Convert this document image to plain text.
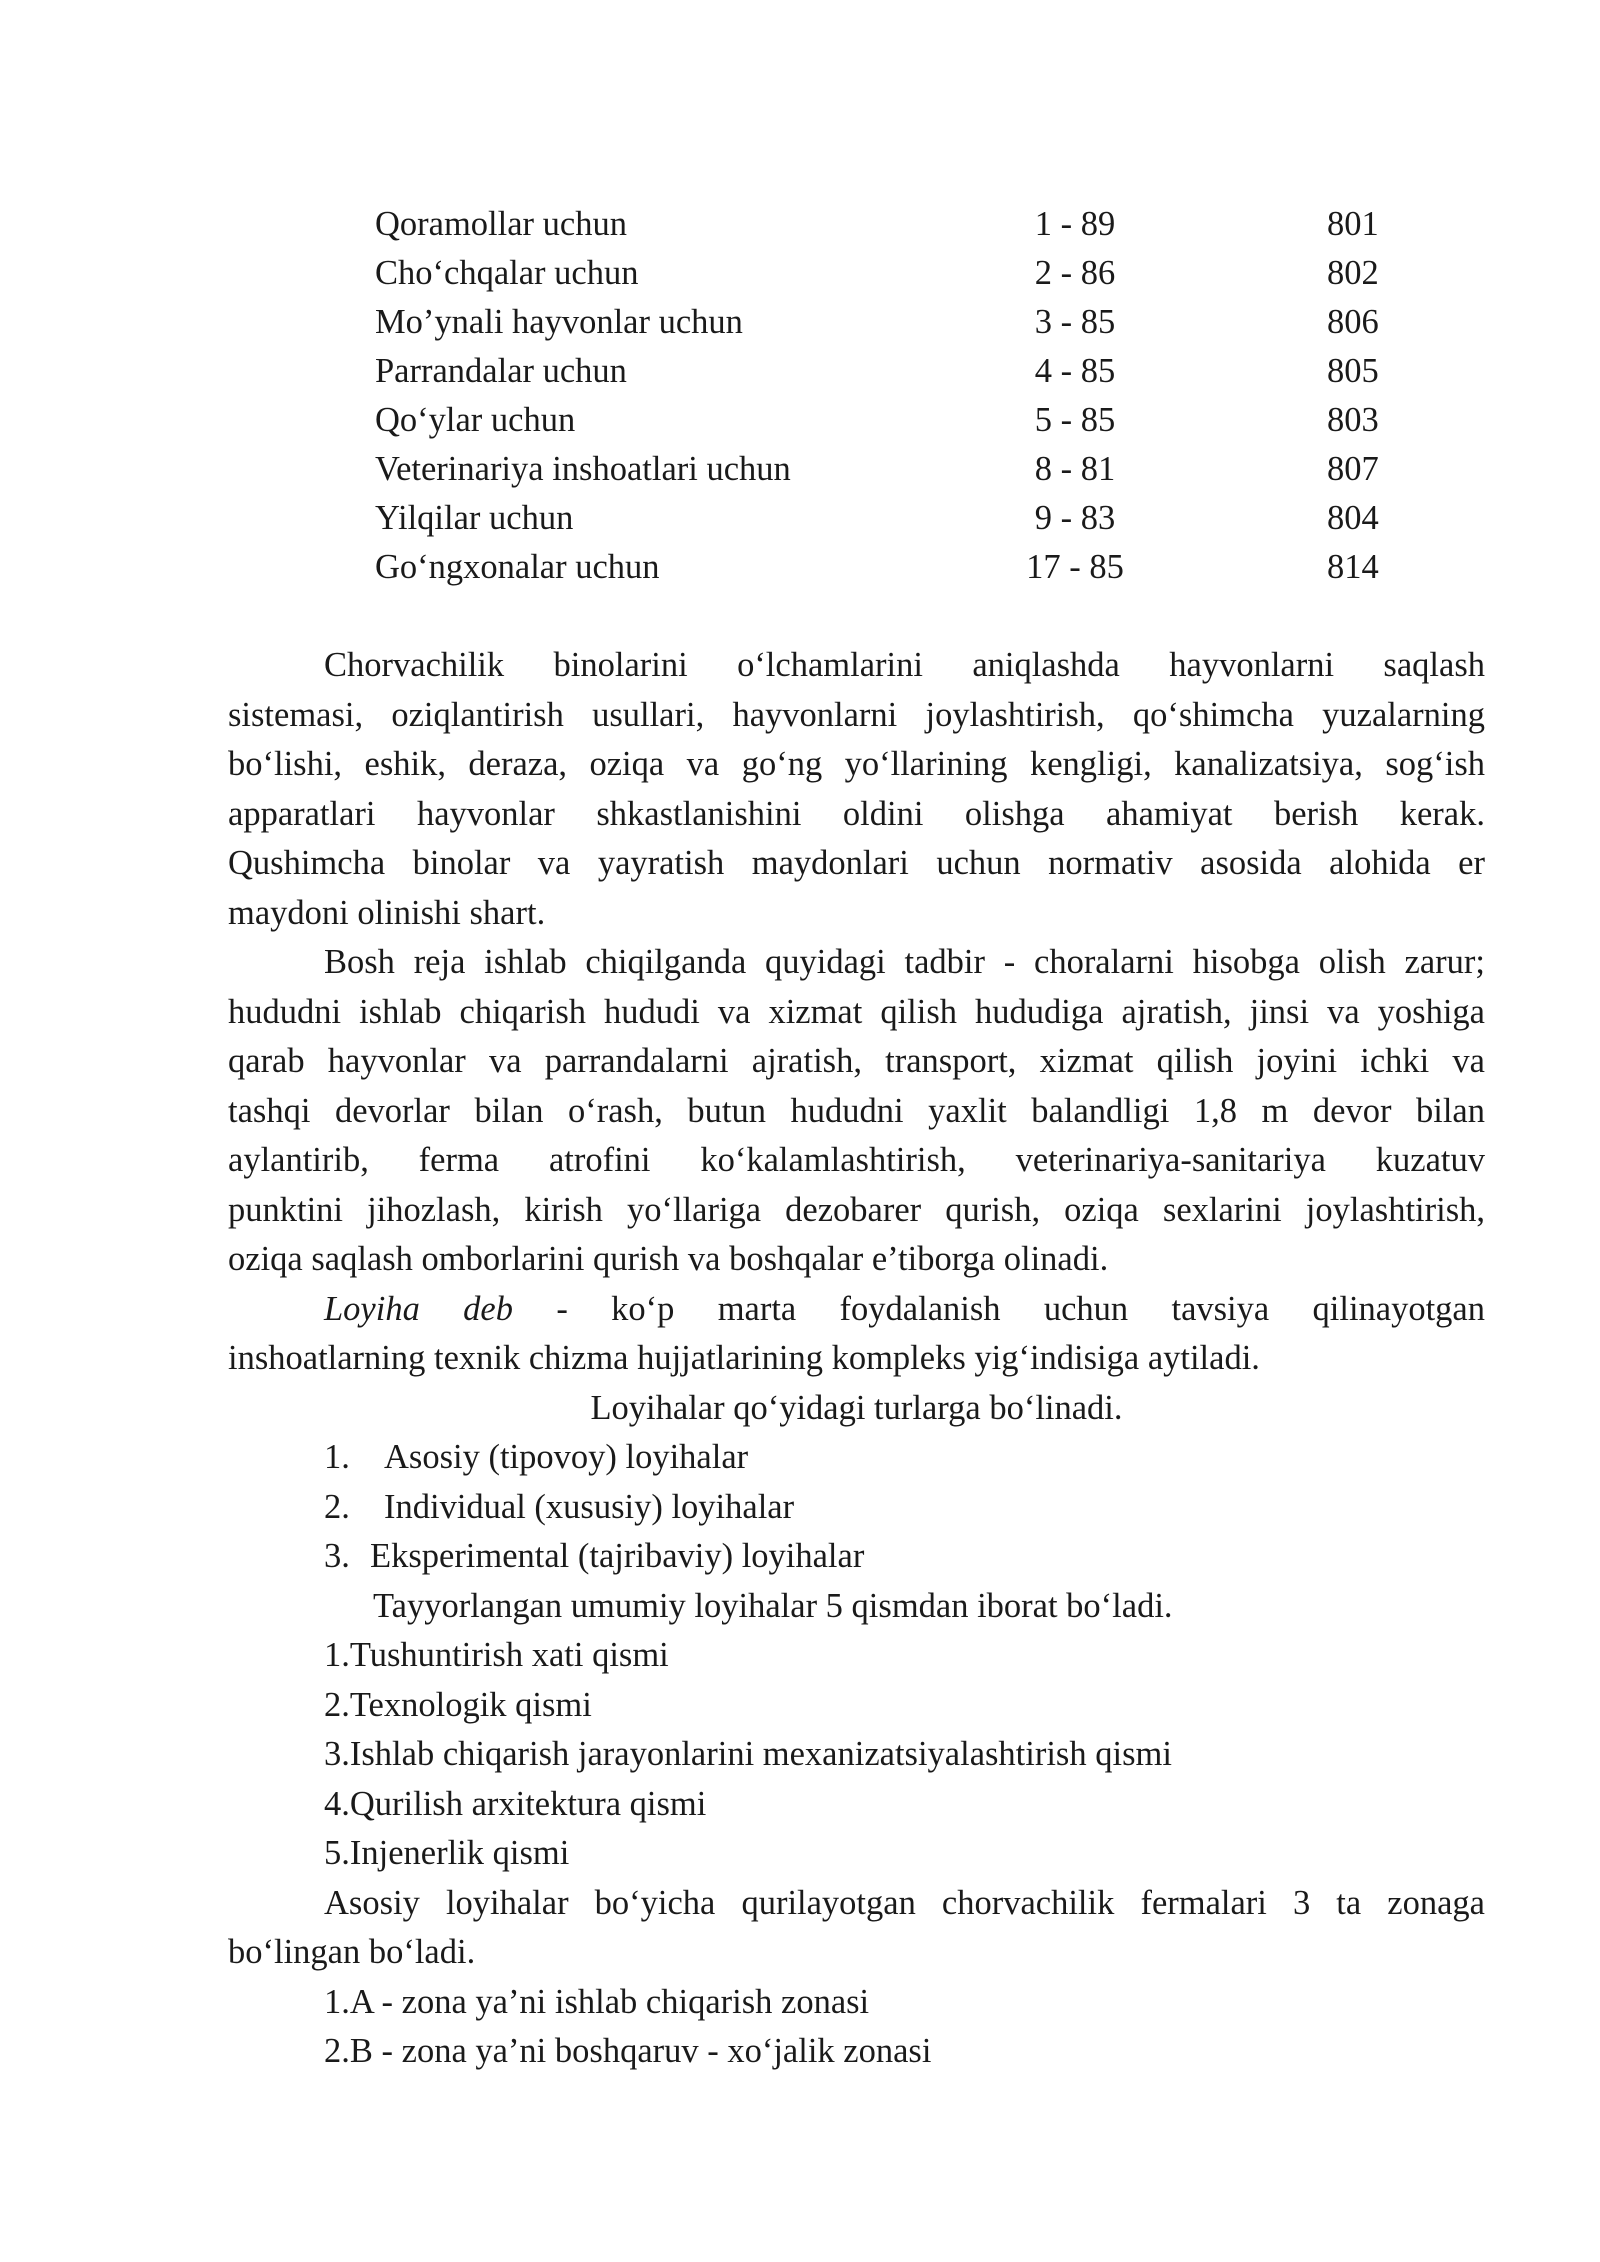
Qoramollar uchun	1 - 89	801
Cho‘chqalar uchun	2 - 86	802
Mo’ynali hayvonlar uchun	3 - 85	806
Parrandalar uchun	4 - 85	805
Qo‘ylar uchun	5 - 85	803
Veterinariya inshoatlari uchun	8 - 81	807
Yilqilar uchun	9 - 83	804
Go‘ngxonalar uchun	17 - 85	814
Chorvachilik binolarini o‘lchamlarini aniqlashda hayvonlarni saqlash
sistemasi, oziqlantirish usullari, hayvonlarni joylashtirish, qo‘shimcha yuzalarning
bo‘lishi, eshik, deraza, oziqa va go‘ng yo‘llarining kengligi, kanalizatsiya, sog‘ish
apparatlari hayvonlar shkastlanishini oldini olishga ahamiyat berish kerak.
Qushimcha binolar va yayratish maydonlari uchun normativ asosida alohida er
maydoni olinishi shart.
Bosh reja ishlab chiqilganda quyidagi tadbir - choralarni hisobga olish zarur;
hududni ishlab chiqarish hududi va xizmat qilish hududiga ajratish, jinsi va yoshiga
qarab hayvonlar va parrandalarni ajratish, transport, xizmat qilish joyini ichki va
tashqi devorlar bilan o‘rash, butun hududni yaxlit balandligi 1,8 m devor bilan
aylantirib, ferma atrofini ko‘kalamlashtirish, veterinariya-sanitariya kuzatuv
punktini jihozlash, kirish yo‘llariga dezobarer qurish, oziqa sexlarini joylashtirish,
oziqa saqlash omborlarini qurish va boshqalar e’tiborga olinadi.
Loyiha deb - ko‘p marta foydalanish uchun tavsiya qilinayotgan
inshoatlarning texnik chizma hujjatlarining kompleks yig‘indisiga aytiladi.
Loyihalar qo‘yidagi turlarga bo‘linadi.
1. Asosiy (tipovoy) loyihalar
2. Individual (xususiy) loyihalar
3. Eksperimental (tajribaviy) loyihalar
Tayyorlangan umumiy loyihalar 5 qismdan iborat bo‘ladi.
1.Tushuntirish xati qismi
2.Texnologik qismi
3.Ishlab chiqarish jarayonlarini mexanizatsiyalashtirish qismi
4.Qurilish arxitektura qismi
5.Injenerlik qismi
Asosiy loyihalar bo‘yicha qurilayotgan chorvachilik fermalari 3 ta zonaga
bo‘lingan bo‘ladi.
1.A - zona ya’ni ishlab chiqarish zonasi
2.B - zona ya’ni boshqaruv - xo‘jalik zonasi
